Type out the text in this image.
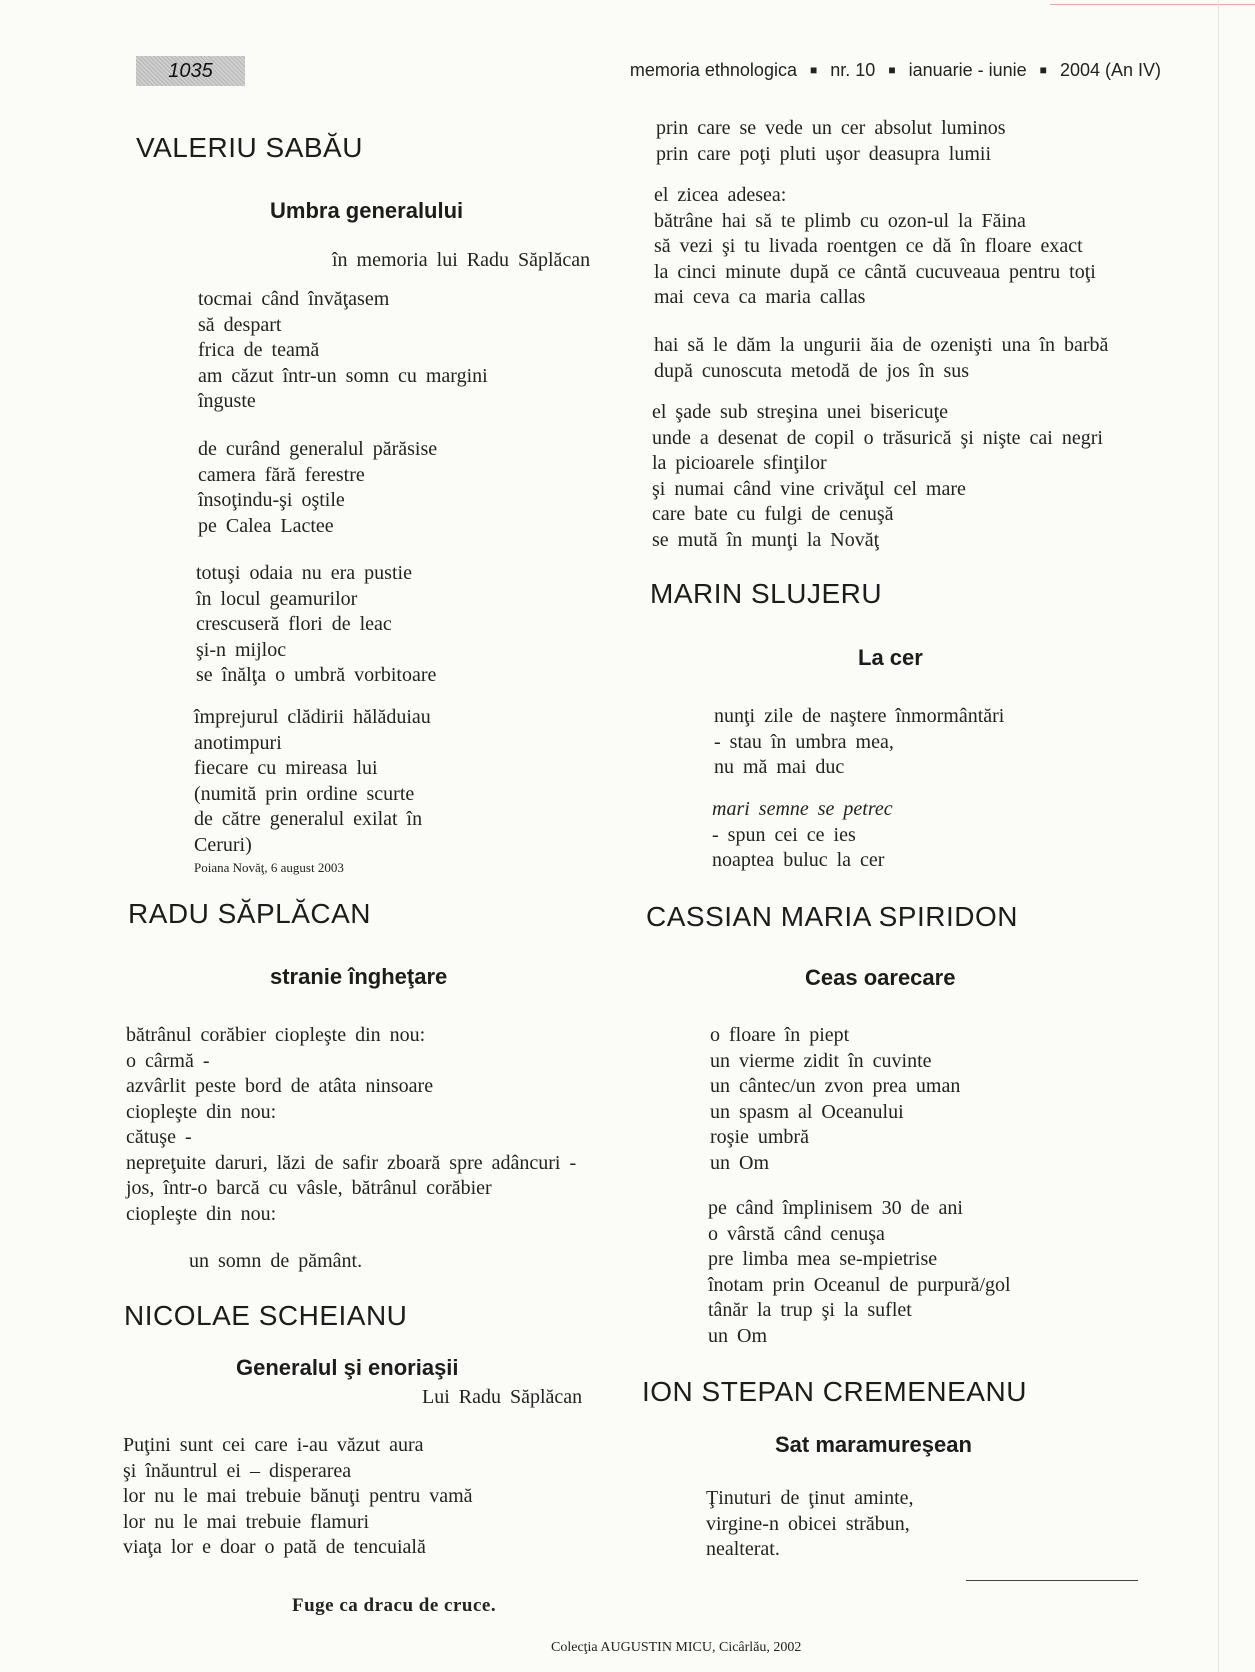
1035	memoria ethnologica ■ nr. 10 ■ ianuarie - iunie ■ 2004 (An IV)
VALERIU SABĂU
Umbra generalului
în memoria lui Radu Săplăcan
tocmai când învăţasem
să despart
frica de teamă
am căzut într-un somn cu margini
înguste
de curând generalul părăsise
camera fără ferestre
însoţindu-şi oştile
pe Calea Lactee
totuşi odaia nu era pustie
în locul geamurilor
crescuseră flori de leac
şi-n mijloc
se înălţa o umbră vorbitoare
împrejurul clădirii hălăduiau
anotimpuri
fiecare cu mireasa lui
(numită prin ordine scurte
de către generalul exilat în
Ceruri)
Poiana Novăţ, 6 august 2003
RADU SĂPLĂCAN
stranie îngheţare
bătrânul corăbier ciopleşte din nou:
o cârmă -
azvârlit peste bord de atâta ninsoare
ciopleşte din nou:
cătuşe -
nepreţuite daruri, lăzi de safir zboară spre adâncuri -
jos, într-o barcă cu vâsle, bătrânul corăbier
ciopleşte din nou:
un somn de pământ.
NICOLAE SCHEIANU
Generalul şi enoriaşii
Lui Radu Săplăcan
Puţini sunt cei care i-au văzut aura
şi înăuntrul ei – disperarea
lor nu le mai trebuie bănuţi pentru vamă
lor nu le mai trebuie flamuri
viaţa lor e doar o pată de tencuială
Fuge ca dracu de cruce.
prin care se vede un cer absolut luminos
prin care poţi pluti uşor deasupra lumii
el zicea adesea:
bătrâne hai să te plimb cu ozon-ul la Făina
să vezi şi tu livada roentgen ce dă în floare exact
la cinci minute după ce cântă cucuveaua pentru toţi
mai ceva ca maria callas
hai să le dăm la ungurii ăia de ozenişti una în barbă
după cunoscuta metodă de jos în sus
el şade sub streşina unei bisericuţe
unde a desenat de copil o trăsurică şi nişte cai negri
la picioarele sfinţilor
şi numai când vine crivăţul cel mare
care bate cu fulgi de cenuşă
se mută în munţi la Novăţ
MARIN SLUJERU
La cer
nunţi zile de naştere înmormântări
- stau în umbra mea,
nu mă mai duc
mari semne se petrec
- spun cei ce ies
noaptea buluc la cer
CASSIAN MARIA SPIRIDON
Ceas oarecare
o floare în piept
un vierme zidit în cuvinte
un cântec/un zvon prea uman
un spasm al Oceanului
roşie umbră
un Om
pe când împlinisem 30 de ani
o vârstă când cenuşa
pre limba mea se-mpietrise
înotam prin Oceanul de purpură/gol
tânăr la trup şi la suflet
un Om
ION STEPAN CREMENEANU
Sat maramureşean
Ţinuturi de ţinut aminte,
virgine-n obicei străbun,
nealterat.
Colecţia AUGUSTIN MICU, Cicârlău, 2002
